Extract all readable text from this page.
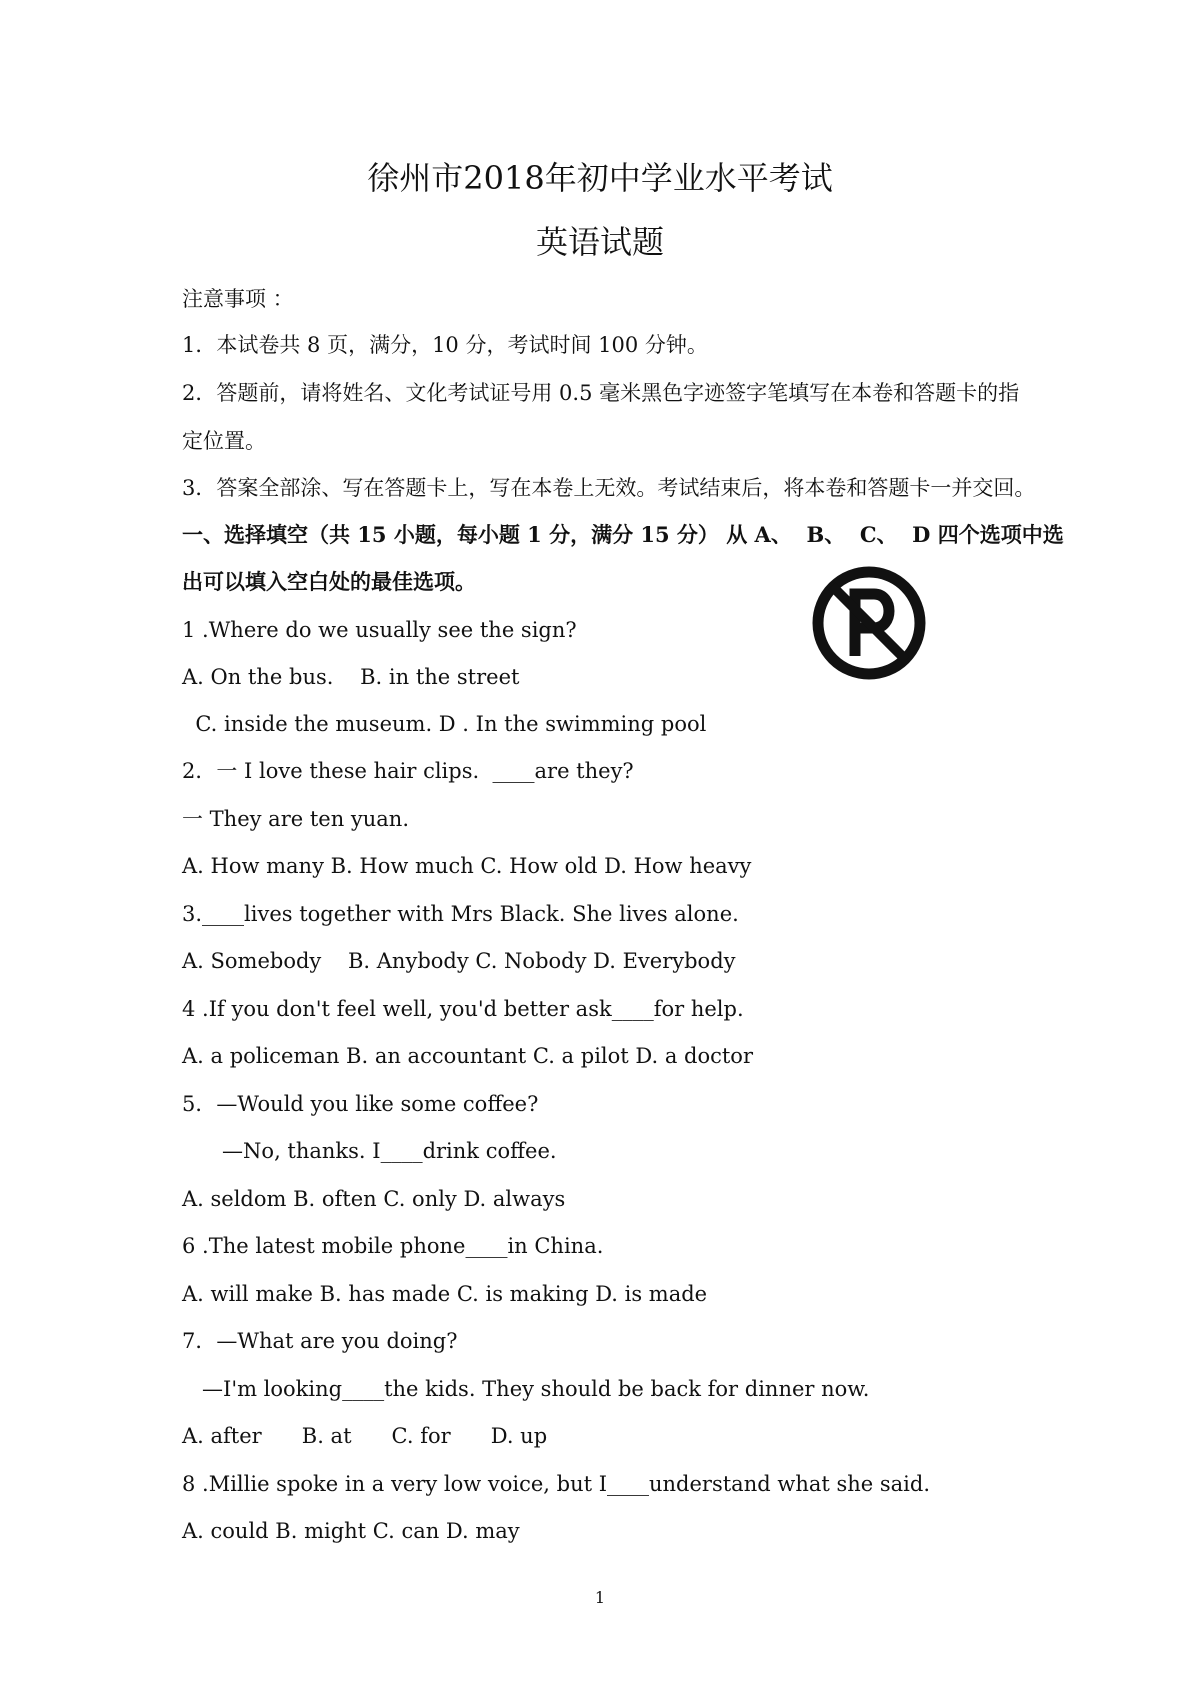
徐州市2018年初中学业水平考试
英语试题
注意事项 ：
1．本试卷共 8 页，满分，10 分，考试时间 100 分钟。
2．答题前，请将姓名、文化考试证号用 0.5 毫米黑色字迹签字笔填写在本卷和答题卡的指
定位置。
3．答案全部涂、写在答题卡上，写在本卷上无效。考试结束后，将本卷和答题卡一并交回。
一、选择填空（共 15 小题，每小题 1 分，满分 15 分） 从 A、  B、  C、  D 四个选项中选
出可以填入空白处的最佳选项。
1 .Where do we usually see the sign?
A. On the bus.    B. in the street
C. inside the museum. D . In the swimming pool
2．一 I love these hair clips.  ____are they?
一 They are ten yuan.
A. How many B. How much C. How old D. How heavy
3.____lives together with Mrs Black. She lives alone.
A. Somebody    B. Anybody C. Nobody D. Everybody
4 .If you don't feel well, you'd better ask____for help.
A. a policeman B. an accountant C. a pilot D. a doctor
5．—Would you like some coffee?
—No, thanks. I____drink coffee.
A. seldom B. often C. only D. always
6 .The latest mobile phone____in China.
A. will make B. has made C. is making D. is made
7．—What are you doing?
—I'm looking____the kids. They should be back for dinner now.
A. after      B. at      C. for      D. up
8 .Millie spoke in a very low voice, but I____understand what she said.
A. could B. might C. can D. may
1
